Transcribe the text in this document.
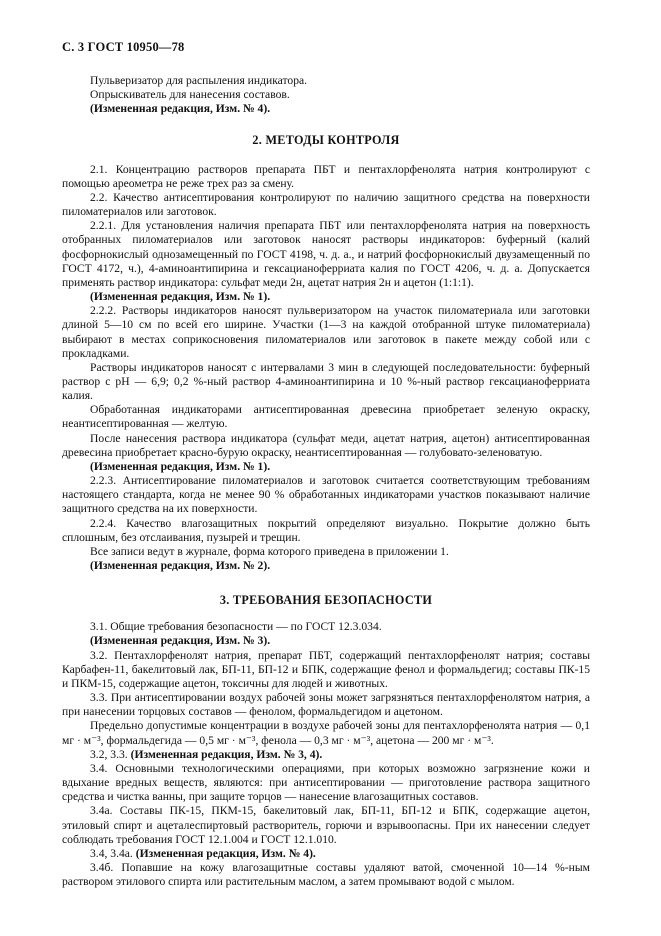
С. 3 ГОСТ 10950—78

Пульверизатор для распыления индикатора.

Опрыскиватель для нанесения составов.

(Измененная редакция, Изм. № 4).

2. МЕТОДЫ КОНТРОЛЯ

2.1. Концентрацию растворов препарата ПБТ и пентахлорфенолята натрия контролируют с помощью ареометра не реже трех раз за смену.

2.2. Качество антисептирования контролируют по наличию защитного средства на поверхности пиломатериалов или заготовок.

2.2.1. Для установления наличия препарата ПБТ или пентахлорфенолята натрия на поверхность отобранных пиломатериалов или заготовок наносят растворы индикаторов: буферный (калий фосфорнокислый однозамещенный по ГОСТ 4198, ч. д. а., и натрий фосфорнокислый двузамещенный по ГОСТ 4172, ч.), 4-аминоантипирина и гексацианоферриата калия по ГОСТ 4206, ч. д. а. Допускается применять раствор индикатора: сульфат меди 2н, ацетат натрия 2н и ацетон (1:1:1).

(Измененная редакция, Изм. № 1).

2.2.2. Растворы индикаторов наносят пульверизатором на участок пиломатериала или заготовки длиной 5—10 см по всей его ширине. Участки (1—3 на каждой отобранной штуке пиломатериала) выбирают в местах соприкосновения пиломатериалов или заготовок в пакете между собой или с прокладками.

Растворы индикаторов наносят с интервалами 3 мин в следующей последовательности: буферный раствор с рН — 6,9; 0,2 %-ный раствор 4-аминоантипирина и 10 %-ный раствор гексацианоферриата калия.

Обработанная индикаторами антисептированная древесина приобретает зеленую окраску, неантисептированная — желтую.

После нанесения раствора индикатора (сульфат меди, ацетат натрия, ацетон) антисептированная древесина приобретает красно-бурую окраску, неантисептированная — голубовато-зеленоватую.

(Измененная редакция, Изм. № 1).

2.2.3. Антисептирование пиломатериалов и заготовок считается соответствующим требованиям настоящего стандарта, когда не менее 90 % обработанных индикаторами участков показывают наличие защитного средства на их поверхности.

2.2.4. Качество влагозащитных покрытий определяют визуально. Покрытие должно быть сплошным, без отслаивания, пузырей и трещин.

Все записи ведут в журнале, форма которого приведена в приложении 1.

(Измененная редакция, Изм. № 2).

3. ТРЕБОВАНИЯ БЕЗОПАСНОСТИ

3.1. Общие требования безопасности — по ГОСТ 12.3.034.

(Измененная редакция, Изм. № 3).

3.2. Пентахлорфенолят натрия, препарат ПБТ, содержащий пентахлорфенолят натрия; составы Карбафен-11, бакелитовый лак, БП-11, БП-12 и БПК, содержащие фенол и формальдегид; составы ПК-15 и ПКМ-15, содержащие ацетон, токсичны для людей и животных.

3.3. При антисептировании воздух рабочей зоны может загрязняться пентахлорфенолятом натрия, а при нанесении торцовых составов — фенолом, формальдегидом и ацетоном.

Предельно допустимые концентрации в воздухе рабочей зоны для пентахлорфенолята натрия — 0,1 мг · м⁻³, формальдегида — 0,5 мг · м⁻³, фенола — 0,3 мг · м⁻³, ацетона — 200 мг · м⁻³.

3.2, 3.3. (Измененная редакция, Изм. № 3, 4).

3.4. Основными технологическими операциями, при которых возможно загрязнение кожи и вдыхание вредных веществ, являются: при антисептировании — приготовление раствора защитного средства и чистка ванны, при защите торцов — нанесение влагозащитных составов.

3.4а. Составы ПК-15, ПКМ-15, бакелитовый лак, БП-11, БП-12 и БПК, содержащие ацетон, этиловый спирт и ацеталеспиртовый растворитель, горючи и взрывоопасны. При их нанесении следует соблюдать требования ГОСТ 12.1.004 и ГОСТ 12.1.010.

3.4, 3.4а. (Измененная редакция, Изм. № 4).

3.4б. Попавшие на кожу влагозащитные составы удаляют ватой, смоченной 10—14 %-ным раствором этилового спирта или растительным маслом, а затем промывают водой с мылом.
